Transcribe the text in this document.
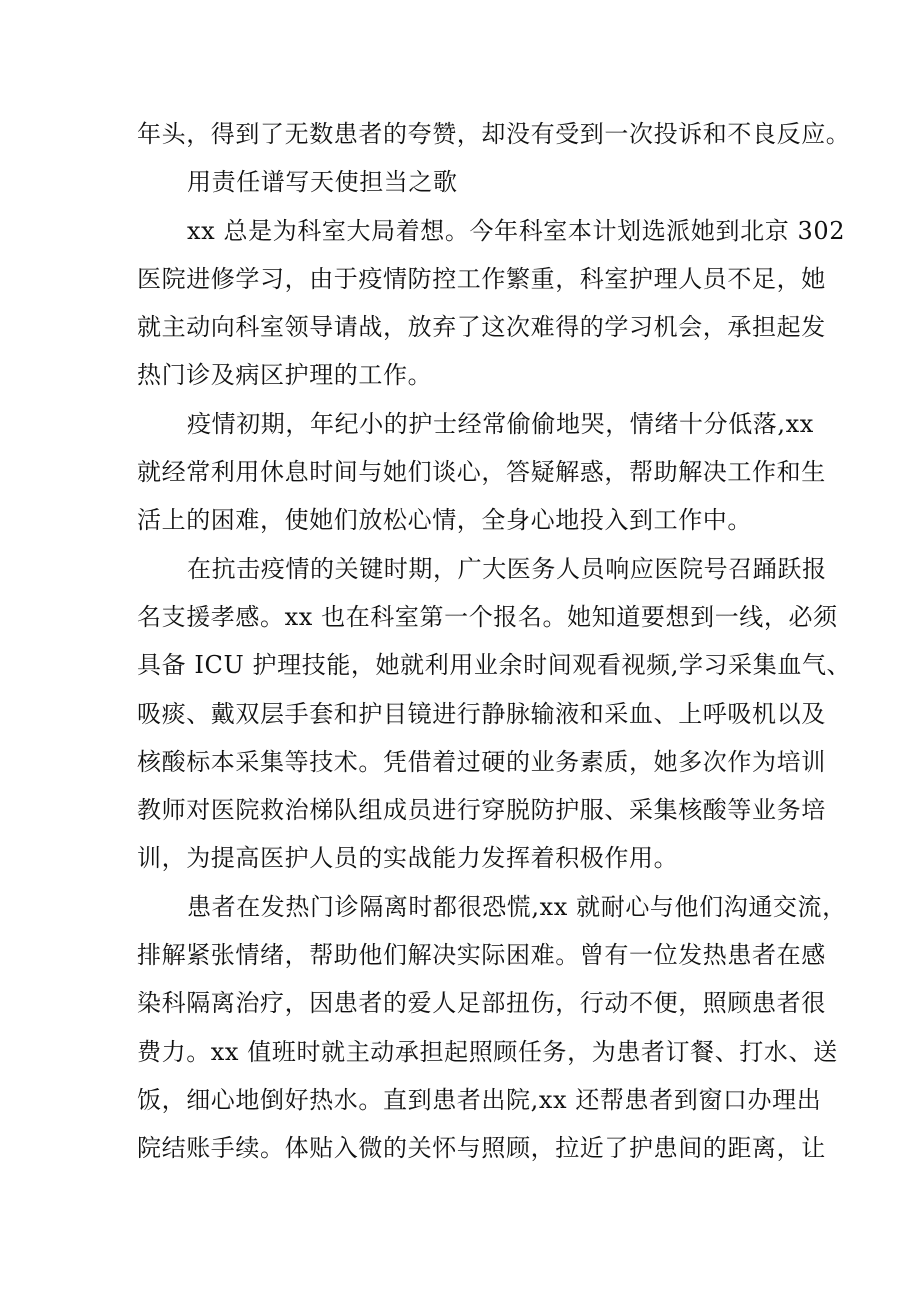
年头，得到了无数患者的夸赞，却没有受到一次投诉和不良反应。
用责任谱写天使担当之歌
xx 总是为科室大局着想。今年科室本计划选派她到北京 302
医院进修学习，由于疫情防控工作繁重，科室护理人员不足，她
就主动向科室领导请战，放弃了这次难得的学习机会，承担起发
热门诊及病区护理的工作。
疫情初期，年纪小的护士经常偷偷地哭，情绪十分低落,xx
就经常利用休息时间与她们谈心，答疑解惑，帮助解决工作和生
活上的困难，使她们放松心情，全身心地投入到工作中。
在抗击疫情的关键时期，广大医务人员响应医院号召踊跃报
名支援孝感。xx 也在科室第一个报名。她知道要想到一线，必须
具备 ICU 护理技能，她就利用业余时间观看视频,学习采集血气、
吸痰、戴双层手套和护目镜进行静脉输液和采血、上呼吸机以及
核酸标本采集等技术。凭借着过硬的业务素质，她多次作为培训
教师对医院救治梯队组成员进行穿脱防护服、采集核酸等业务培
训，为提高医护人员的实战能力发挥着积极作用。
患者在发热门诊隔离时都很恐慌,xx 就耐心与他们沟通交流，
排解紧张情绪，帮助他们解决实际困难。曾有一位发热患者在感
染科隔离治疗，因患者的爱人足部扭伤，行动不便，照顾患者很
费力。xx 值班时就主动承担起照顾任务，为患者订餐、打水、送
饭，细心地倒好热水。直到患者出院,xx 还帮患者到窗口办理出
院结账手续。体贴入微的关怀与照顾，拉近了护患间的距离，让
